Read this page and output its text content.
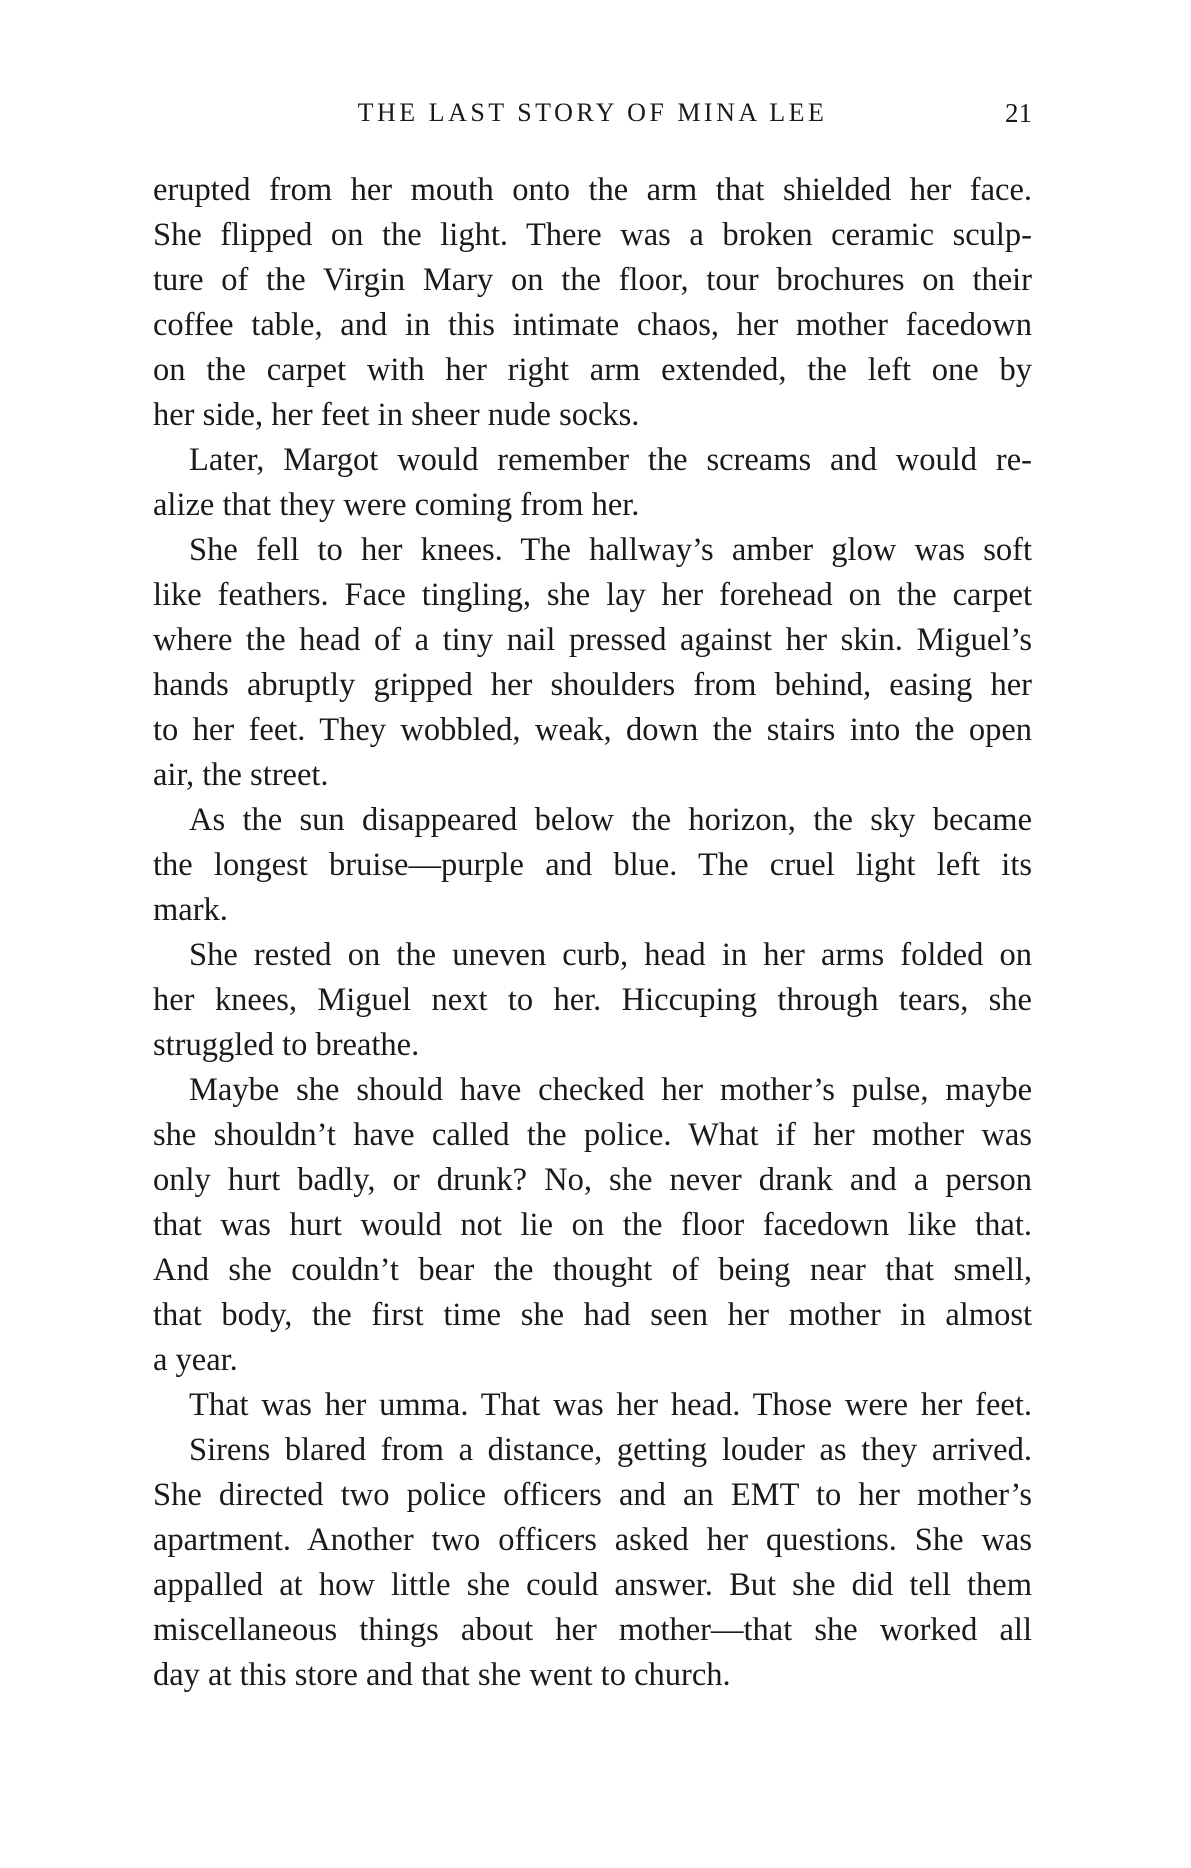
THE LAST STORY OF MINA LEE	21
erupted from her mouth onto the arm that shielded her face.
She flipped on the light. There was a broken ceramic sculp-
ture of the Virgin Mary on the floor, tour brochures on their
coffee table, and in this intimate chaos, her mother facedown
on the carpet with her right arm extended, the left one by
her side, her feet in sheer nude socks.
Later, Margot would remember the screams and would re-
alize that they were coming from her.
She fell to her knees. The hallway’s amber glow was soft
like feathers. Face tingling, she lay her forehead on the carpet
where the head of a tiny nail pressed against her skin. Miguel’s
hands abruptly gripped her shoulders from behind, easing her
to her feet. They wobbled, weak, down the stairs into the open
air, the street.
As the sun disappeared below the horizon, the sky became
the longest bruise—purple and blue. The cruel light left its
mark.
She rested on the uneven curb, head in her arms folded on
her knees, Miguel next to her. Hiccuping through tears, she
struggled to breathe.
Maybe she should have checked her mother’s pulse, maybe
she shouldn’t have called the police. What if her mother was
only hurt badly, or drunk? No, she never drank and a person
that was hurt would not lie on the floor facedown like that.
And she couldn’t bear the thought of being near that smell,
that body, the first time she had seen her mother in almost
a year.
That was her umma. That was her head. Those were her feet.
Sirens blared from a distance, getting louder as they arrived.
She directed two police officers and an EMT to her mother’s
apartment. Another two officers asked her questions. She was
appalled at how little she could answer. But she did tell them
miscellaneous things about her mother—that she worked all
day at this store and that she went to church.
